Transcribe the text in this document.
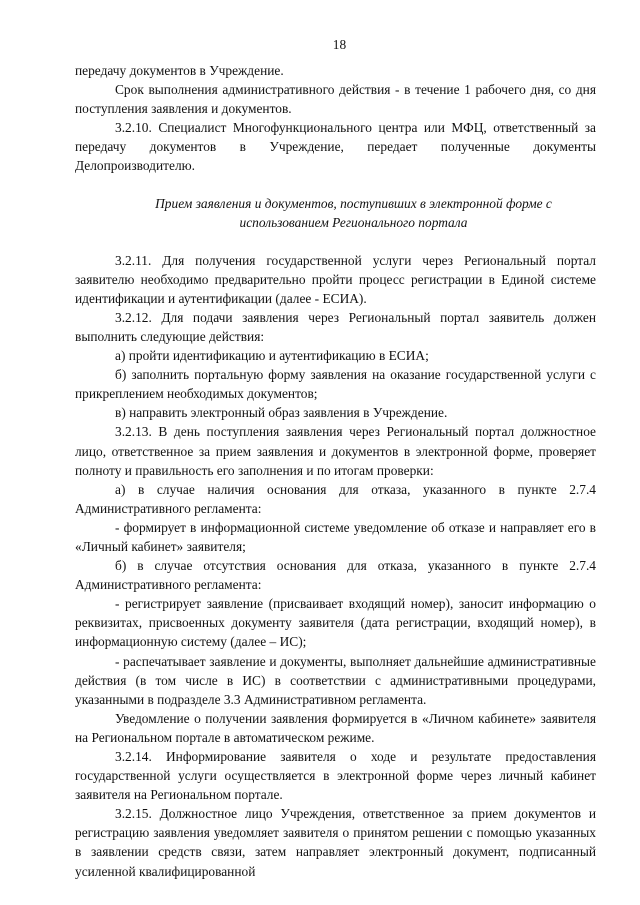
18

передачу документов в Учреждение.

Срок выполнения административного действия - в течение 1 рабочего дня, со дня поступления заявления и документов.

3.2.10. Специалист Многофункционального центра или МФЦ, ответственный за передачу документов в Учреждение, передает полученные документы Делопроизводителю.

Прием заявления и документов, поступивших в электронной форме с использованием Регионального портала

3.2.11. Для получения государственной услуги через Региональный портал заявителю необходимо предварительно пройти процесс регистрации в Единой системе идентификации и аутентификации (далее - ЕСИА).

3.2.12. Для подачи заявления через Региональный портал заявитель должен выполнить следующие действия:

а) пройти идентификацию и аутентификацию в ЕСИА;

б) заполнить портальную форму заявления на оказание государственной услуги с прикреплением необходимых документов;

в) направить электронный образ заявления в Учреждение.

3.2.13. В день поступления заявления через Региональный портал должностное лицо, ответственное за прием заявления и документов в электронной форме, проверяет полноту и правильность его заполнения и по итогам проверки:

а) в случае наличия основания для отказа, указанного в пункте 2.7.4 Административного регламента:

- формирует в информационной системе уведомление об отказе и направляет его в «Личный кабинет» заявителя;

б) в случае отсутствия основания для отказа, указанного в пункте 2.7.4 Административного регламента:

- регистрирует заявление (присваивает входящий номер), заносит информацию о реквизитах, присвоенных документу заявителя (дата регистрации, входящий номер), в информационную систему (далее – ИС);

- распечатывает заявление и документы, выполняет дальнейшие административные действия (в том числе в ИС) в соответствии с административными процедурами, указанными в подразделе 3.3 Административном регламента.

Уведомление о получении заявления формируется в «Личном кабинете» заявителя на Региональном портале в автоматическом режиме.

3.2.14. Информирование заявителя о ходе и результате предоставления государственной услуги осуществляется в электронной форме через личный кабинет заявителя на Региональном портале.

3.2.15. Должностное лицо Учреждения, ответственное за прием документов и регистрацию заявления уведомляет заявителя о принятом решении с помощью указанных в заявлении средств связи, затем направляет электронный документ, подписанный усиленной квалифицированной
